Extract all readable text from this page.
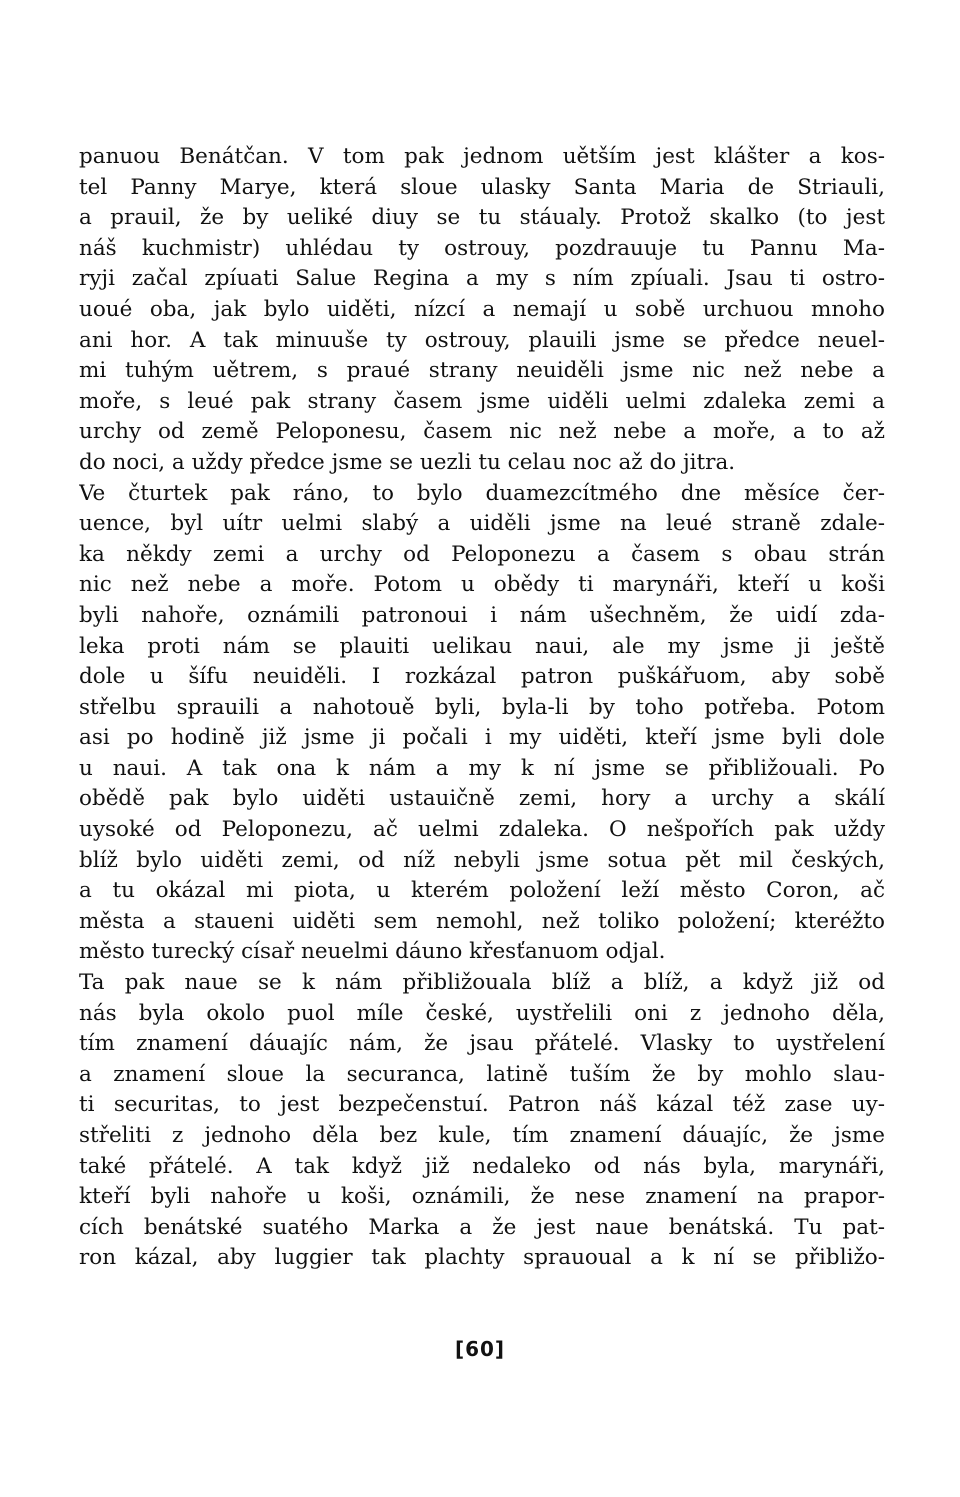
panuou Benátčan. V tom pak jednom uětším jest klášter a kos-
tel Panny Marye, která sloue ulasky Santa Maria de Striauli,
a prauil, že by ueliké diuy se tu stáualy. Protož skalko (to jest
náš kuchmistr) uhlédau ty ostrouy, pozdrauuje tu Pannu Ma-
ryji začal zpíuati Salue Regina a my s ním zpíuali. Jsau ti ostro-
uoué oba, jak bylo uiděti, nízcí a nemají u sobě urchuou mnoho
ani hor. A tak minuuše ty ostrouy, plauili jsme se předce neuel-
mi tuhým uětrem, s praué strany neuiděli jsme nic než nebe a
moře, s leué pak strany časem jsme uiděli uelmi zdaleka zemi a
urchy od země Peloponesu, časem nic než nebe a moře, a to až
do noci, a uždy předce jsme se uezli tu celau noc až do jitra.
Ve čturtek pak ráno, to bylo duamezcítmého dne měsíce čer-
uence, byl uítr uelmi slabý a uiděli jsme na leué straně zdale-
ka někdy zemi a urchy od Peloponezu a časem s obau strán
nic než nebe a moře. Potom u obědy ti marynáři, kteří u koši
byli nahoře, oznámili patronoui i nám ušechněm, že uidí zda-
leka proti nám se plauiti uelikau naui, ale my jsme ji ještě
dole u šífu neuiděli. I rozkázal patron puškářuom, aby sobě
střelbu sprauili a nahotouě byli, byla-li by toho potřeba. Potom
asi po hodině již jsme ji počali i my uiděti, kteří jsme byli dole
u naui. A tak ona k nám a my k ní jsme se přibližouali. Po
obědě pak bylo uiděti ustauičně zemi, hory a urchy a skálí
uysoké od Peloponezu, ač uelmi zdaleka. O nešpořích pak uždy
blíž bylo uiděti zemi, od níž nebyli jsme sotua pět mil českých,
a tu okázal mi piota, u kterém položení leží město Coron, ač
města a staueni uiděti sem nemohl, než toliko položení; kteréžto
město turecký císař neuelmi dáuno křesťanuom odjal.
Ta pak naue se k nám přibližouala blíž a blíž, a když již od
nás byla okolo puol míle české, uystřelili oni z jednoho děla,
tím znamení dáuajíc nám, že jsau přátelé. Vlasky to uystřelení
a znamení sloue la securanca, latině tuším že by mohlo slau-
ti securitas, to jest bezpečenstuí. Patron náš kázal též zase uy-
střeliti z jednoho děla bez kule, tím znamení dáuajíc, že jsme
také přátelé. A tak když již nedaleko od nás byla, marynáři,
kteří byli nahoře u koši, oznámili, že nese znamení na prapor-
cích benátské suatého Marka a že jest naue benátská. Tu pat-
ron kázal, aby luggier tak plachty sprauoual a k ní se přibližo-
[60]
